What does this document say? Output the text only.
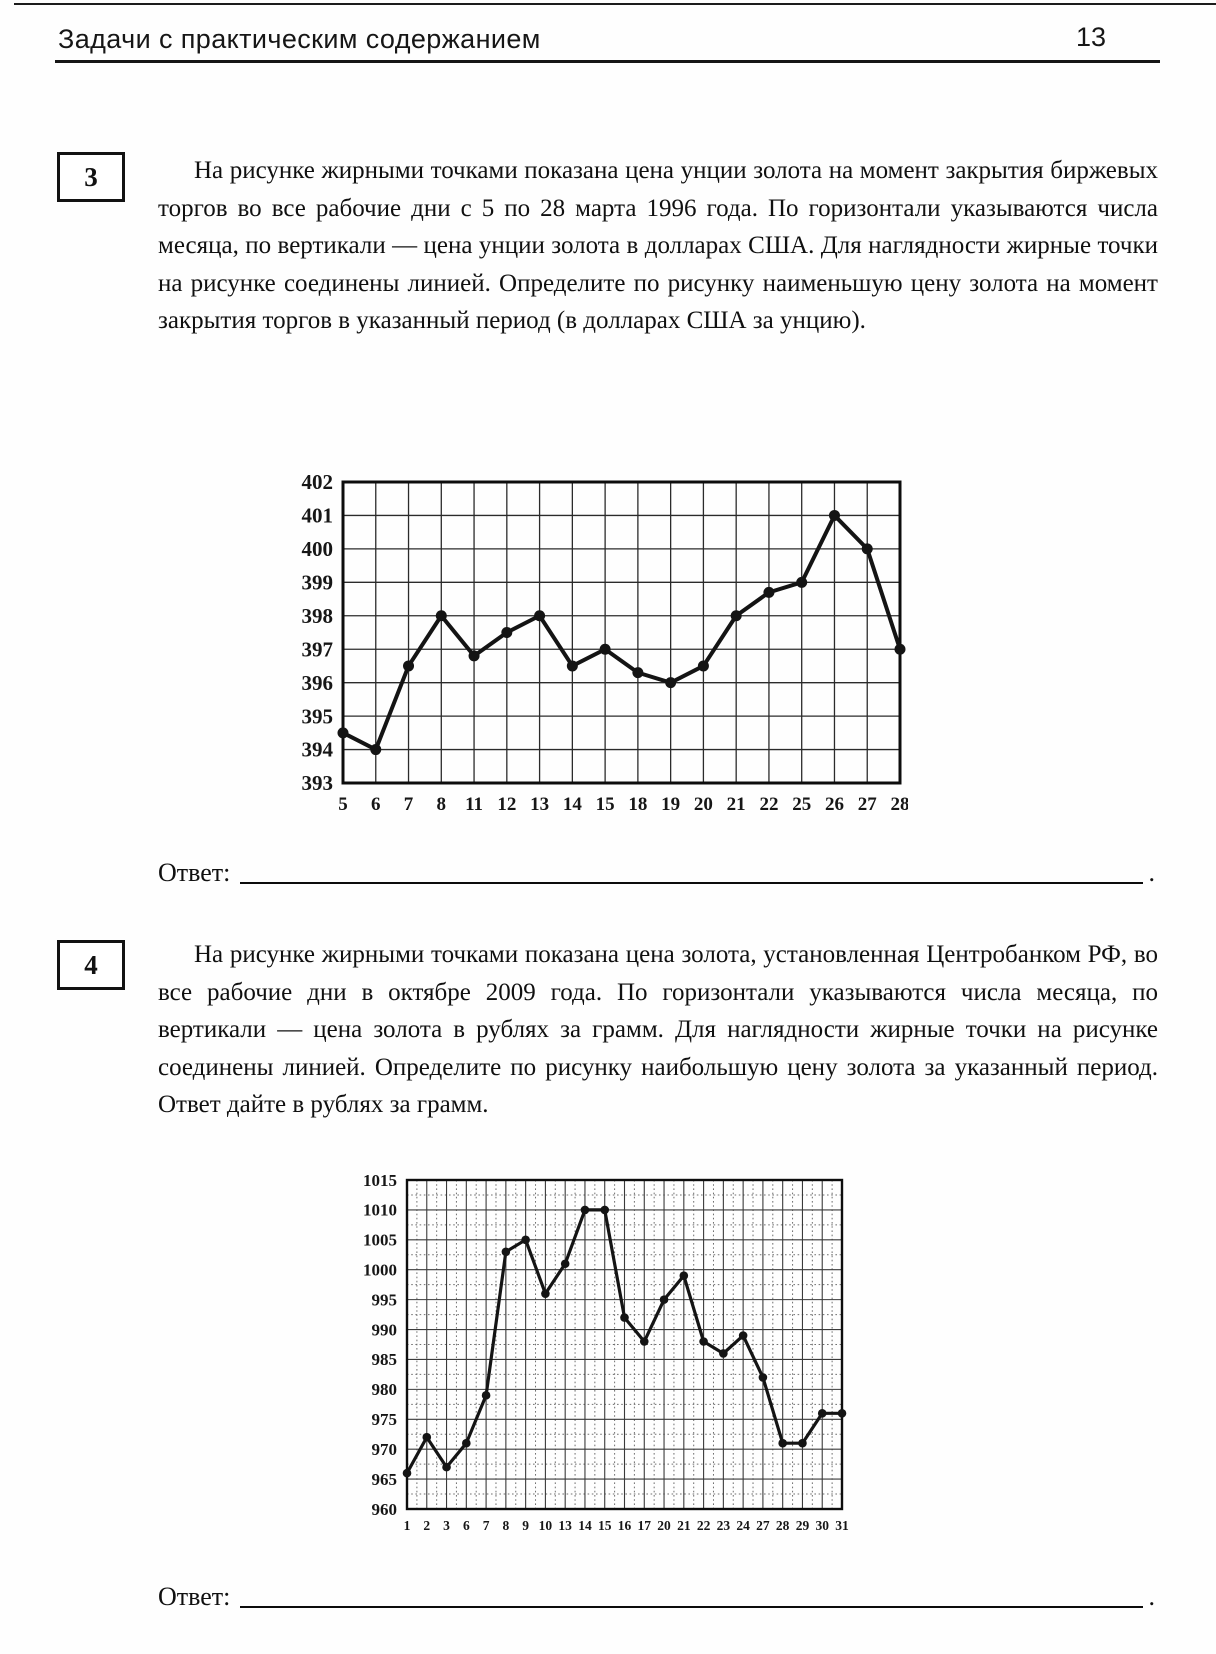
Задачи с практическим содержанием	13
3	На рисунке жирными точками показана цена унции золота на момент закрытия биржевых торгов во все рабочие дни с 5 по 28 марта 1996 года. По горизонтали указываются числа месяца, по вертикали — цена унции золота в долларах США. Для наглядности жирные точки на рисунке соединены линией. Определите по рисунку наименьшую цену золота на момент закрытия торгов в указанный период (в долларах США за унцию).

393
394
395
396
397
398
399
400
401
402
5 6 7 8 11 12 13 14 15 18 19 20 21 22 25 26 27 28
Ответ:	.
4	На рисунке жирными точками показана цена золота, установленная Центробанком РФ, во все рабочие дни в октябре 2009 года. По горизонтали указываются числа месяца, по вертикали — цена золота в рублях за грамм. Для наглядности жирные точки на рисунке соединены линией. Определите по рисунку наибольшую цену золота за указанный период. Ответ дайте в рублях за грамм.

960
965
970
975
980
985
990
995
1000
1005
1010
1015
1 2 3 6 7 8 9 10 13 14 15 16 17 20 21 22 23 24 27 28 29 30 31
Ответ:	.
